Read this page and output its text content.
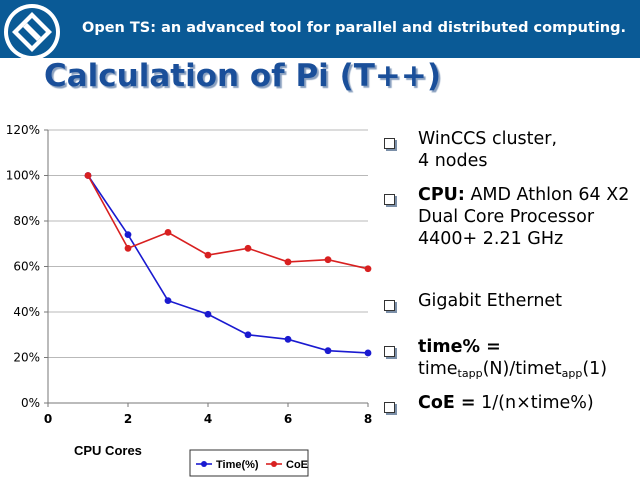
Open TS: an advanced tool for parallel and distributed computing.
Calculation of Pi (T++)
0%
20%
40%
60%
80%
100%
120%
0	2	4	6	8
CPU Cores
Time(%) CoE
WinCCS cluster,
4 nodes
CPU: AMD Athlon 64 X2 Dual Core Processor 4400+ 2.21 GHz
Gigabit Ethernet
time% =
time$_{tapp}$(N)/timet$_{app}$(1)
CoE = 1/(n×time%)
